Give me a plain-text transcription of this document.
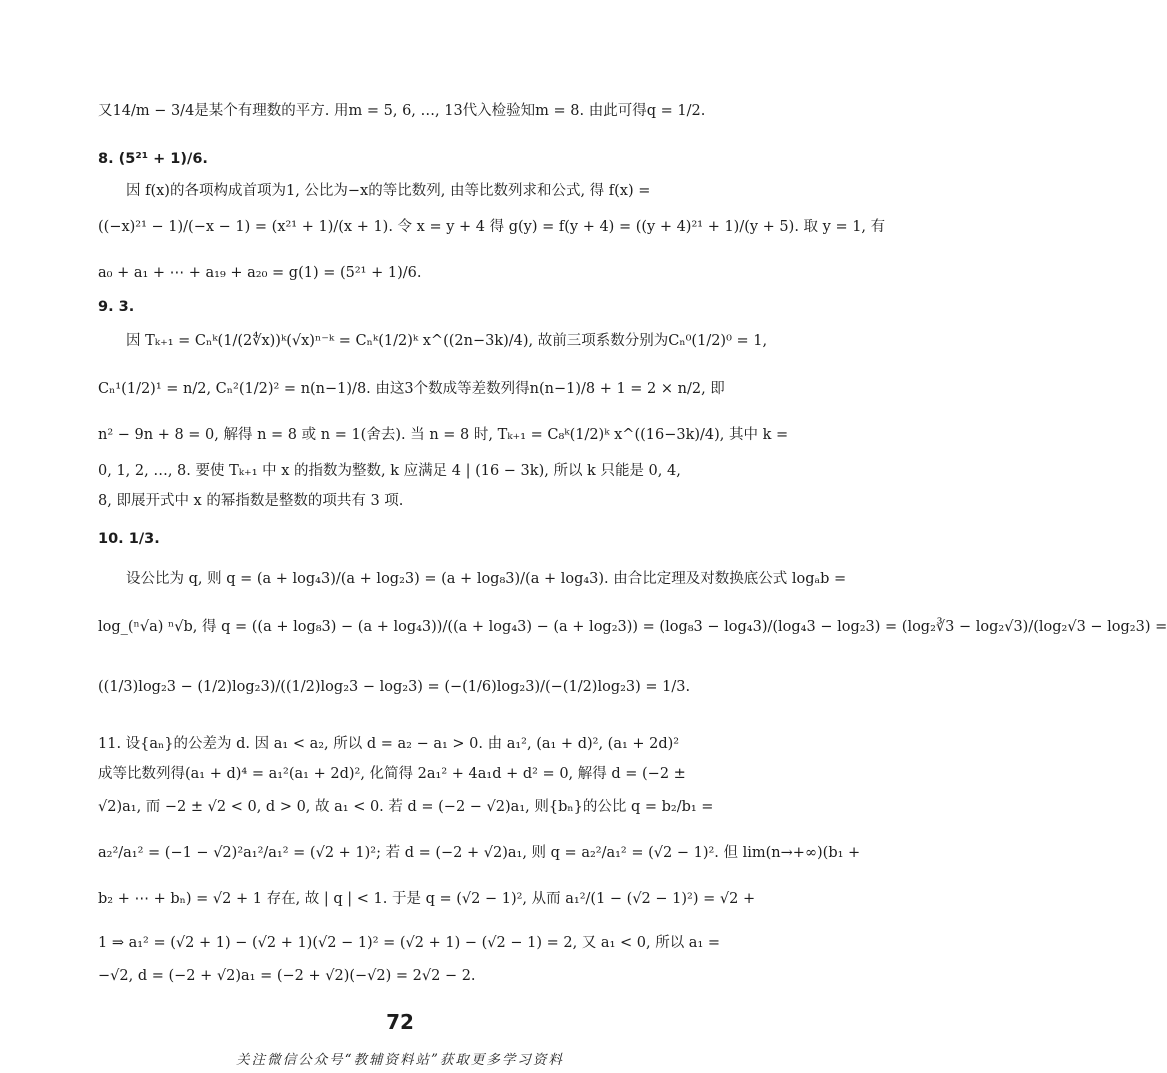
又14/m − 3/4是某个有理数的平方. 用m = 5, 6, …, 13代入检验知m = 8. 由此可得q = 1/2.
8. (5²¹ + 1)/6.
因 f(x)的各项构成首项为1, 公比为−x的等比数列, 由等比数列求和公式, 得 f(x) =
((−x)²¹ − 1)/(−x − 1) = (x²¹ + 1)/(x + 1). 令 x = y + 4 得 g(y) = f(y + 4) = ((y + 4)²¹ + 1)/(y + 5). 取 y = 1, 有
a₀ + a₁ + ⋯ + a₁₉ + a₂₀ = g(1) = (5²¹ + 1)/6.
9. 3.
因 Tₖ₊₁ = Cₙᵏ(1/(2∜x))ᵏ(√x)ⁿ⁻ᵏ = Cₙᵏ(1/2)ᵏ x^((2n−3k)/4), 故前三项系数分别为Cₙ⁰(1/2)⁰ = 1,
Cₙ¹(1/2)¹ = n/2, Cₙ²(1/2)² = n(n−1)/8. 由这3个数成等差数列得n(n−1)/8 + 1 = 2 × n/2, 即
n² − 9n + 8 = 0, 解得 n = 8 或 n = 1(舍去). 当 n = 8 时, Tₖ₊₁ = C₈ᵏ(1/2)ᵏ x^((16−3k)/4), 其中 k =
0, 1, 2, …, 8. 要使 Tₖ₊₁ 中 x 的指数为整数, k 应满足 4 | (16 − 3k), 所以 k 只能是 0, 4,
8, 即展开式中 x 的幂指数是整数的项共有 3 项.
10. 1/3.
设公比为 q, 则 q = (a + log₄3)/(a + log₂3) = (a + log₈3)/(a + log₄3). 由合比定理及对数换底公式 logₐb =
log_(ⁿ√a) ⁿ√b, 得 q = ((a + log₈3) − (a + log₄3))/((a + log₄3) − (a + log₂3)) = (log₈3 − log₄3)/(log₄3 − log₂3) = (log₂∛3 − log₂√3)/(log₂√3 − log₂3) =
((1/3)log₂3 − (1/2)log₂3)/((1/2)log₂3 − log₂3) = (−(1/6)log₂3)/(−(1/2)log₂3) = 1/3.
11. 设{aₙ}的公差为 d. 因 a₁ < a₂, 所以 d = a₂ − a₁ > 0. 由 a₁², (a₁ + d)², (a₁ + 2d)²
成等比数列得(a₁ + d)⁴ = a₁²(a₁ + 2d)², 化简得 2a₁² + 4a₁d + d² = 0, 解得 d = (−2 ±
√2)a₁, 而 −2 ± √2 < 0, d > 0, 故 a₁ < 0. 若 d = (−2 − √2)a₁, 则{bₙ}的公比 q = b₂/b₁ =
a₂²/a₁² = (−1 − √2)²a₁²/a₁² = (√2 + 1)²; 若 d = (−2 + √2)a₁, 则 q = a₂²/a₁² = (√2 − 1)². 但 lim(n→+∞)(b₁ +
b₂ + ⋯ + bₙ) = √2 + 1 存在, 故 | q | < 1. 于是 q = (√2 − 1)², 从而 a₁²/(1 − (√2 − 1)²) = √2 +
1 ⇒ a₁² = (√2 + 1) − (√2 + 1)(√2 − 1)² = (√2 + 1) − (√2 − 1) = 2, 又 a₁ < 0, 所以 a₁ =
−√2, d = (−2 + √2)a₁ = (−2 + √2)(−√2) = 2√2 − 2.
72
关注微信公众号“教辅资料站”获取更多学习资料
